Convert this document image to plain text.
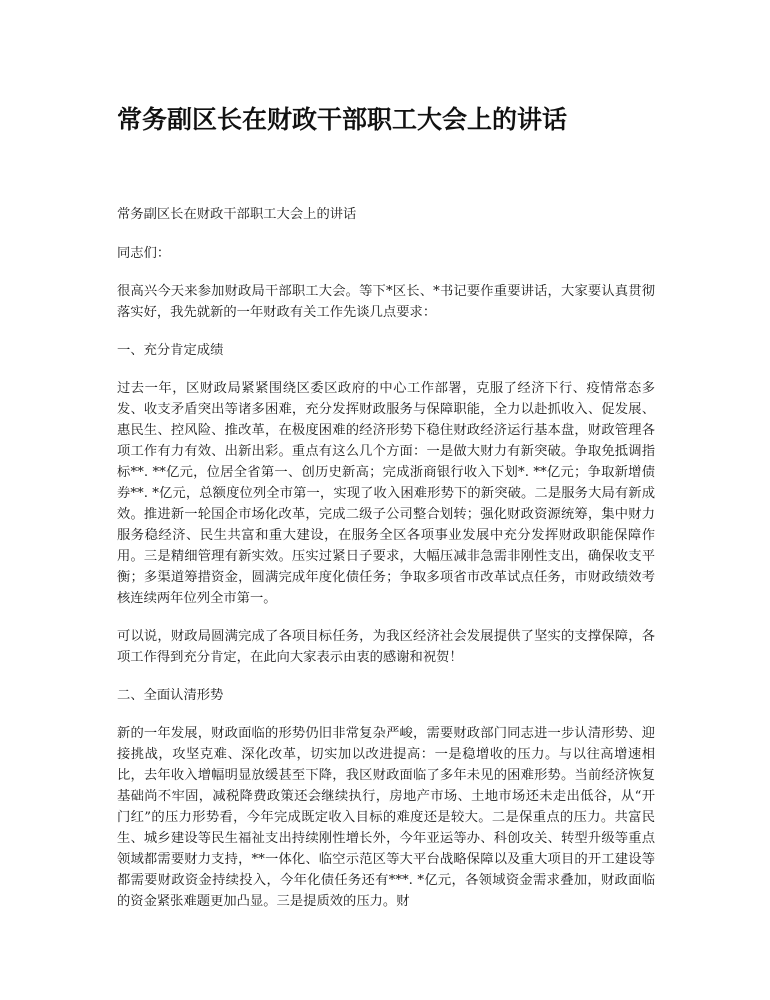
常务副区长在财政干部职工大会上的讲话

常务副区长在财政干部职工大会上的讲话

同志们：

很高兴今天来参加财政局干部职工大会。等下*区长、*书记要作重要讲话，大家要认真贯彻落实好，我先就新的一年财政有关工作先谈几点要求：

一、充分肯定成绩

过去一年，区财政局紧紧围绕区委区政府的中心工作部署，克服了经济下行、疫情常态多发、收支矛盾突出等诸多困难，充分发挥财政服务与保障职能，全力以赴抓收入、促发展、惠民生、控风险、推改革，在极度困难的经济形势下稳住财政经济运行基本盘，财政管理各项工作有力有效、出新出彩。重点有这么几个方面：一是做大财力有新突破。争取免抵调指标**. **亿元，位居全省第一、创历史新高；完成浙商银行收入下划*. **亿元；争取新增债券**. *亿元，总额度位列全市第一，实现了收入困难形势下的新突破。二是服务大局有新成效。推进新一轮国企市场化改革，完成二级子公司整合划转；强化财政资源统筹，集中财力服务稳经济、民生共富和重大建设，在服务全区各项事业发展中充分发挥财政职能保障作用。三是精细管理有新实效。压实过紧日子要求，大幅压减非急需非刚性支出，确保收支平衡；多渠道筹措资金，圆满完成年度化债任务；争取多项省市改革试点任务，市财政绩效考核连续两年位列全市第一。

可以说，财政局圆满完成了各项目标任务，为我区经济社会发展提供了坚实的支撑保障，各项工作得到充分肯定，在此向大家表示由衷的感谢和祝贺！

二、全面认清形势

新的一年发展，财政面临的形势仍旧非常复杂严峻，需要财政部门同志进一步认清形势、迎接挑战，攻坚克难、深化改革，切实加以改进提高：一是稳增收的压力。与以往高增速相比，去年收入增幅明显放缓甚至下降，我区财政面临了多年未见的困难形势。当前经济恢复基础尚不牢固，减税降费政策还会继续执行，房地产市场、土地市场还未走出低谷，从“开门红”的压力形势看，今年完成既定收入目标的难度还是较大。二是保重点的压力。共富民生、城乡建设等民生福祉支出持续刚性增长外，今年亚运等办、科创攻关、转型升级等重点领域都需要财力支持，**一体化、临空示范区等大平台战略保障以及重大项目的开工建设等都需要财政资金持续投入，今年化债任务还有***. *亿元，各领域资金需求叠加，财政面临的资金紧张难题更加凸显。三是提质效的压力。财
